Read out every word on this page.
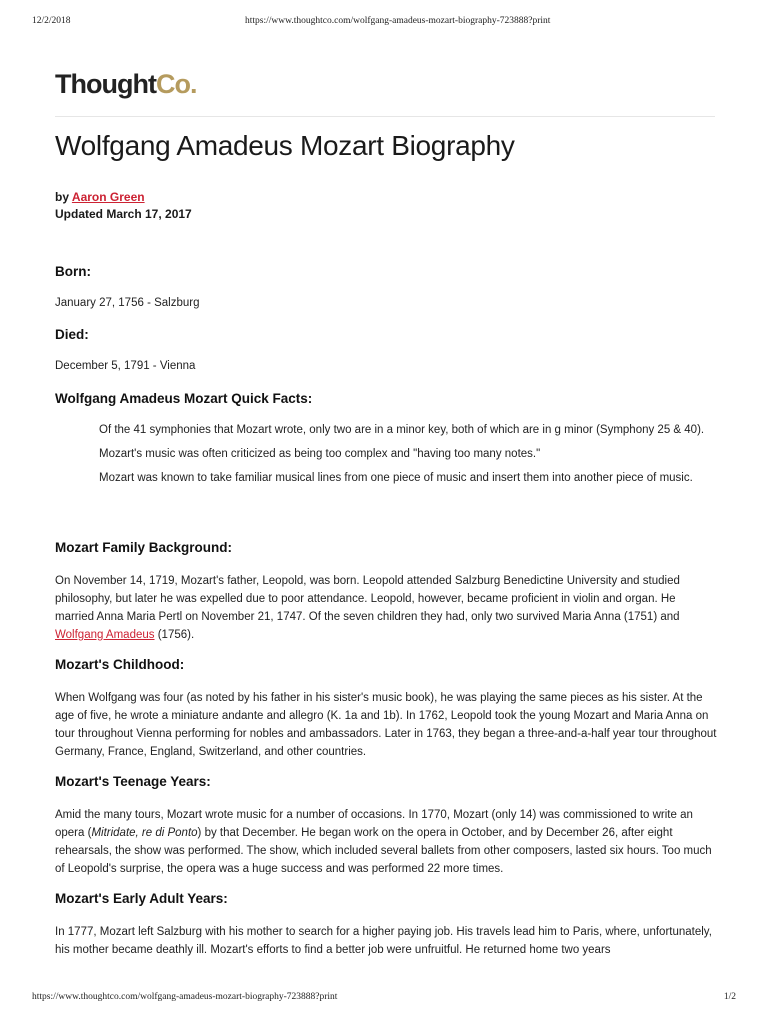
12/2/2018	https://www.thoughtco.com/wolfgang-amadeus-mozart-biography-723888?print
ThoughtCo.
Wolfgang Amadeus Mozart Biography
by Aaron Green
Updated March 17, 2017
Born:

January 27, 1756 - Salzburg

Died:

December 5, 1791 - Vienna

Wolfgang Amadeus Mozart Quick Facts:
Of the 41 symphonies that Mozart wrote, only two are in a minor key, both of which are in g minor (Symphony 25 & 40).
Mozart's music was often criticized as being too complex and "having too many notes."
Mozart was known to take familiar musical lines from one piece of music and insert them into another piece of music.
Mozart Family Background:

On November 14, 1719, Mozart's father, Leopold, was born. Leopold attended Salzburg Benedictine University and studied philosophy, but later he was expelled due to poor attendance. Leopold, however, became proficient in violin and organ. He married Anna Maria Pertl on November 21, 1747. Of the seven children they had, only two survived Maria Anna (1751) and Wolfgang Amadeus (1756).

Mozart's Childhood:

When Wolfgang was four (as noted by his father in his sister's music book), he was playing the same pieces as his sister. At the age of five, he wrote a miniature andante and allegro (K. 1a and 1b). In 1762, Leopold took the young Mozart and Maria Anna on tour throughout Vienna performing for nobles and ambassadors. Later in 1763, they began a three-and-a-half year tour throughout Germany, France, England, Switzerland, and other countries.

Mozart's Teenage Years:

Amid the many tours, Mozart wrote music for a number of occasions. In 1770, Mozart (only 14) was commissioned to write an opera (Mitridate, re di Ponto) by that December. He began work on the opera in October, and by December 26, after eight rehearsals, the show was performed. The show, which included several ballets from other composers, lasted six hours. Too much of Leopold's surprise, the opera was a huge success and was performed 22 more times.

Mozart's Early Adult Years:

In 1777, Mozart left Salzburg with his mother to search for a higher paying job. His travels lead him to Paris, where, unfortunately, his mother became deathly ill. Mozart's efforts to find a better job were unfruitful. He returned home two years

https://www.thoughtco.com/wolfgang-amadeus-mozart-biography-723888?print	1/2
